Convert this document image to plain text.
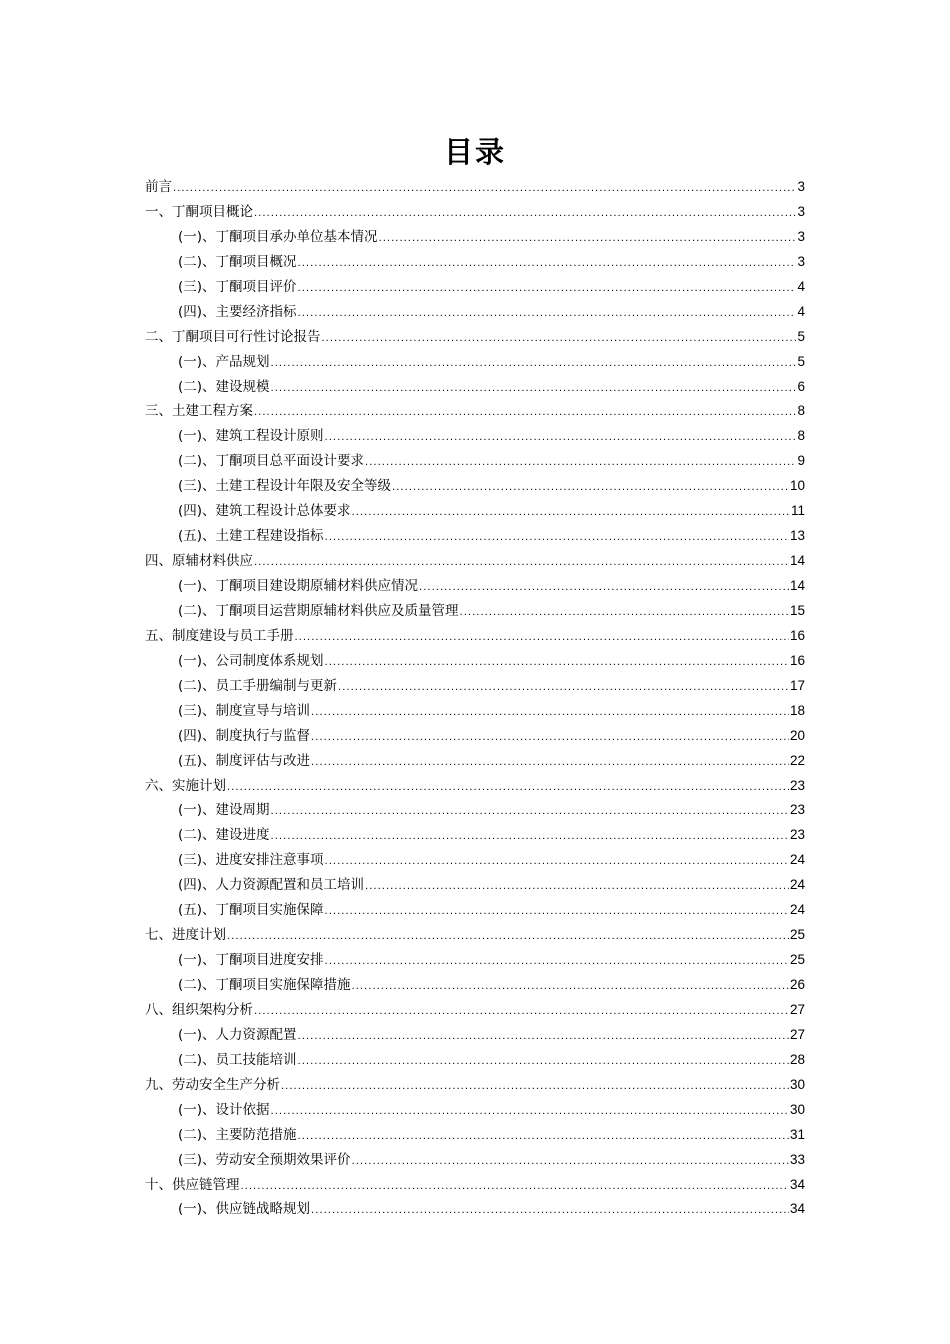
目录
前言 .....	3
一、丁酮项目概论 .....	3
(一)、丁酮项目承办单位基本情况 .....	3
(二)、丁酮项目概况 .....	3
(三)、丁酮项目评价 .....	4
(四)、主要经济指标 .....	4
二、丁酮项目可行性讨论报告 .....	5
(一)、产品规划 .....	5
(二)、建设规模 .....	6
三、土建工程方案 .....	8
(一)、建筑工程设计原则 .....	8
(二)、丁酮项目总平面设计要求 .....	9
(三)、土建工程设计年限及安全等级 .....	10
(四)、建筑工程设计总体要求 .....	11
(五)、土建工程建设指标 .....	13
四、原辅材料供应 .....	14
(一)、丁酮项目建设期原辅材料供应情况 .....	14
(二)、丁酮项目运营期原辅材料供应及质量管理 .....	15
五、制度建设与员工手册 .....	16
(一)、公司制度体系规划 .....	16
(二)、员工手册编制与更新 .....	17
(三)、制度宣导与培训 .....	18
(四)、制度执行与监督 .....	20
(五)、制度评估与改进 .....	22
六、实施计划 .....	23
(一)、建设周期 .....	23
(二)、建设进度 .....	23
(三)、进度安排注意事项 .....	24
(四)、人力资源配置和员工培训 .....	24
(五)、丁酮项目实施保障 .....	24
七、进度计划 .....	25
(一)、丁酮项目进度安排 .....	25
(二)、丁酮项目实施保障措施 .....	26
八、组织架构分析 .....	27
(一)、人力资源配置 .....	27
(二)、员工技能培训 .....	28
九、劳动安全生产分析 .....	30
(一)、设计依据 .....	30
(二)、主要防范措施 .....	31
(三)、劳动安全预期效果评价 .....	33
十、供应链管理 .....	34
(一)、供应链战略规划 .....	34
